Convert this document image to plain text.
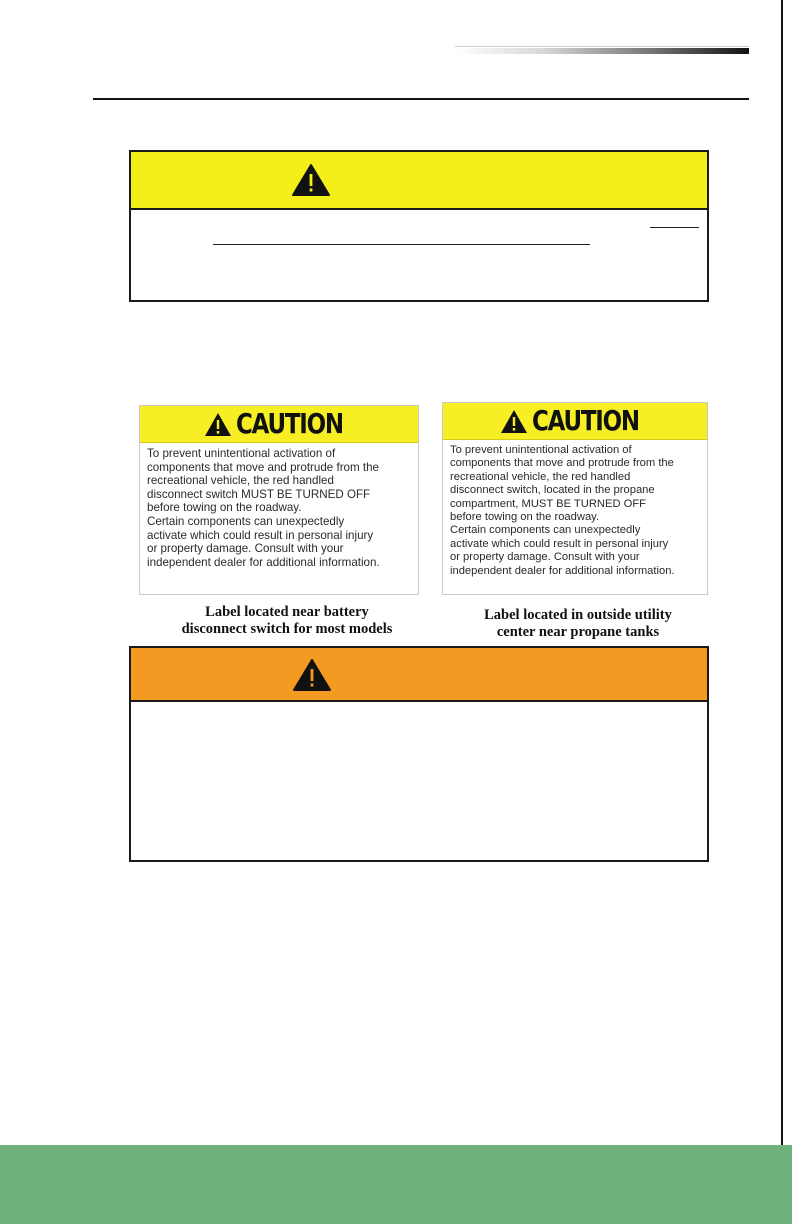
CAUTION
To prevent unintentional activation of
components that move and protrude from the
recreational vehicle, the red handled
disconnect switch MUST BE TURNED OFF
before towing on the roadway.
Certain components can unexpectedly
activate which could result in personal injury
or property damage. Consult with your
independent dealer for additional information.
Label located near battery
disconnect switch for most models
CAUTION
To prevent unintentional activation of
components that move and protrude from the
recreational vehicle, the red handled
disconnect switch, located in the propane
compartment, MUST BE TURNED OFF
before towing on the roadway.
Certain components can unexpectedly
activate which could result in personal injury
or property damage. Consult with your
independent dealer for additional information.
Label located in outside utility
center near propane tanks
